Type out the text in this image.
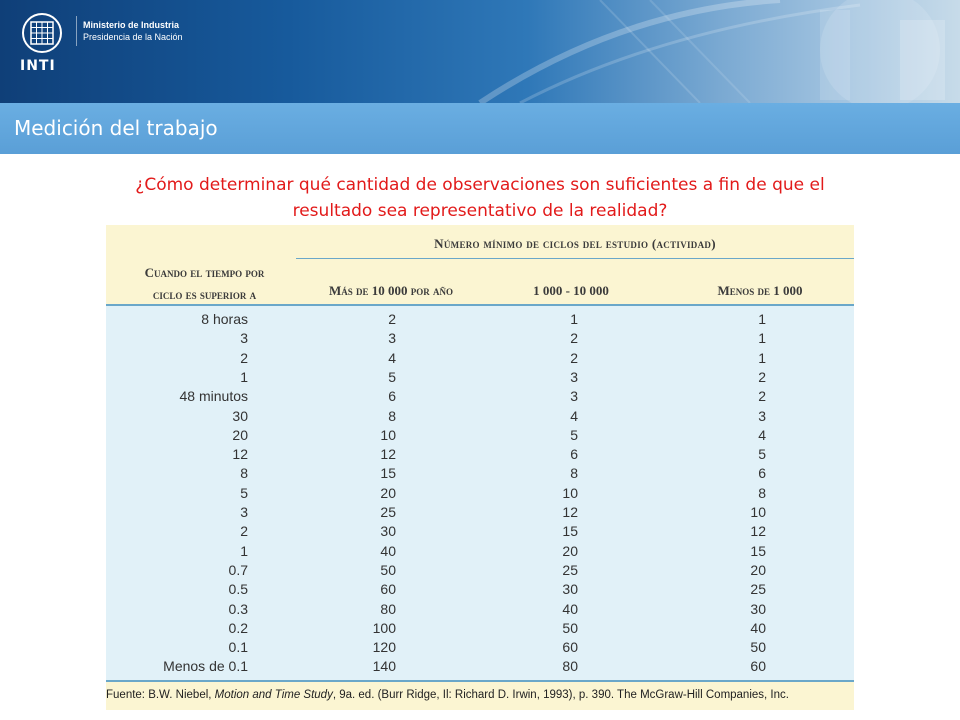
INTI
Ministerio de Industria
Presidencia de la Nación
Medición del trabajo
¿Cómo determinar qué cantidad de observaciones son suficientes a fin de que el
resultado sea representativo de la realidad?
Número mínimo de ciclos del estudio (actividad)
Cuando el tiempo por
ciclo es superior a	Más de 10 000 por año	1 000 - 10 000	Menos de 1 000
8 horas	2	1	1
3	3	2	1
2	4	2	1
1	5	3	2
48 minutos	6	3	2
30	8	4	3
20	10	5	4
12	12	6	5
8	15	8	6
5	20	10	8
3	25	12	10
2	30	15	12
1	40	20	15
0.7	50	25	20
0.5	60	30	25
0.3	80	40	30
0.2	100	50	40
0.1	120	60	50
Menos de 0.1	140	80	60
Fuente: B.W. Niebel, Motion and Time Study, 9a. ed. (Burr Ridge, Il: Richard D. Irwin, 1993), p. 390. The McGraw-Hill Companies, Inc.
